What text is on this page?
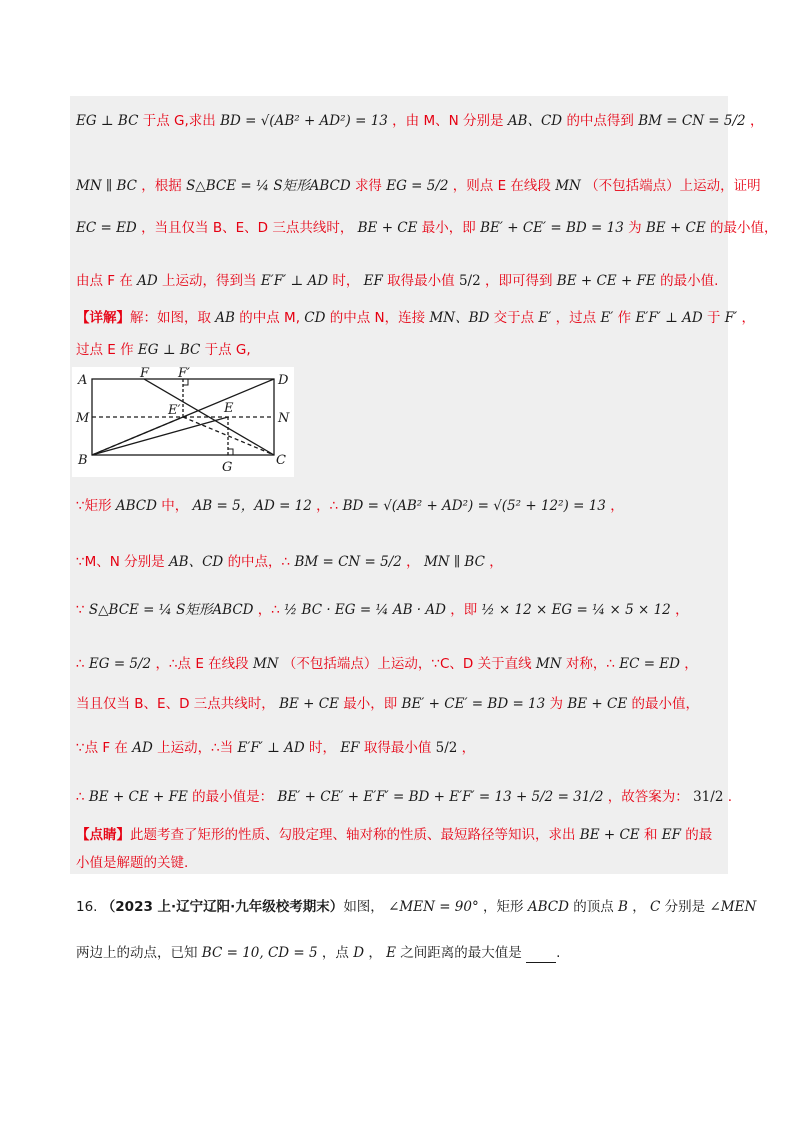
EG ⊥ BC 于点 G,求出 BD = √(AB² + AD²) = 13 ，由 M、N 分别是 AB、CD 的中点得到 BM = CN = 5/2 ，
MN ∥ BC ，根据 S△BCE = ¼ S矩形ABCD 求得 EG = 5/2 ，则点 E 在线段 MN （不包括端点）上运动，证明
EC = ED ，当且仅当 B、E、D 三点共线时， BE + CE 最小，即 BE′ + CE′ = BD = 13 为 BE + CE 的最小值，
由点 F 在 AD 上运动，得到当 E′F′ ⊥ AD 时， EF 取得最小值 5/2 ，即可得到 BE + CE + FE 的最小值.
【详解】解：如图，取 AB 的中点 M, CD 的中点 N，连接 MN、BD 交于点 E′ ，过点 E′ 作 E′F′ ⊥ AD 于 F′ ，
过点 E 作 EG ⊥ BC 于点 G,
A	F F′	D
M
E′	E
N
B	G	C
∵矩形 ABCD 中， AB = 5，AD = 12 ，∴ BD = √(AB² + AD²) = √(5² + 12²) = 13 ，
∵M、N 分别是 AB、CD 的中点，∴ BM = CN = 5/2 ， MN ∥ BC ，
∵ S△BCE = ¼ S矩形ABCD ，∴ ½ BC · EG = ¼ AB · AD ，即 ½ × 12 × EG = ¼ × 5 × 12 ，
∴ EG = 5/2 ，∴点 E 在线段 MN （不包括端点）上运动，∵C、D 关于直线 MN 对称，∴ EC = ED ，
当且仅当 B、E、D 三点共线时， BE + CE 最小，即 BE′ + CE′ = BD = 13 为 BE + CE 的最小值，
∵点 F 在 AD 上运动，∴当 E′F′ ⊥ AD 时， EF 取得最小值 5/2 ，
∴ BE + CE + FE 的最小值是： BE′ + CE′ + E′F′ = BD + E′F′ = 13 + 5/2 = 31/2 ，故答案为： 31/2 .
【点睛】此题考查了矩形的性质、勾股定理、轴对称的性质、最短路径等知识，求出 BE + CE 和 EF 的最
小值是解题的关键.
16. （2023 上·辽宁辽阳·九年级校考期末）如图， ∠MEN = 90° ，矩形 ABCD 的顶点 B ， C 分别是 ∠MEN
两边上的动点，已知 BC = 10, CD = 5 ，点 D ， E 之间距离的最大值是	.
